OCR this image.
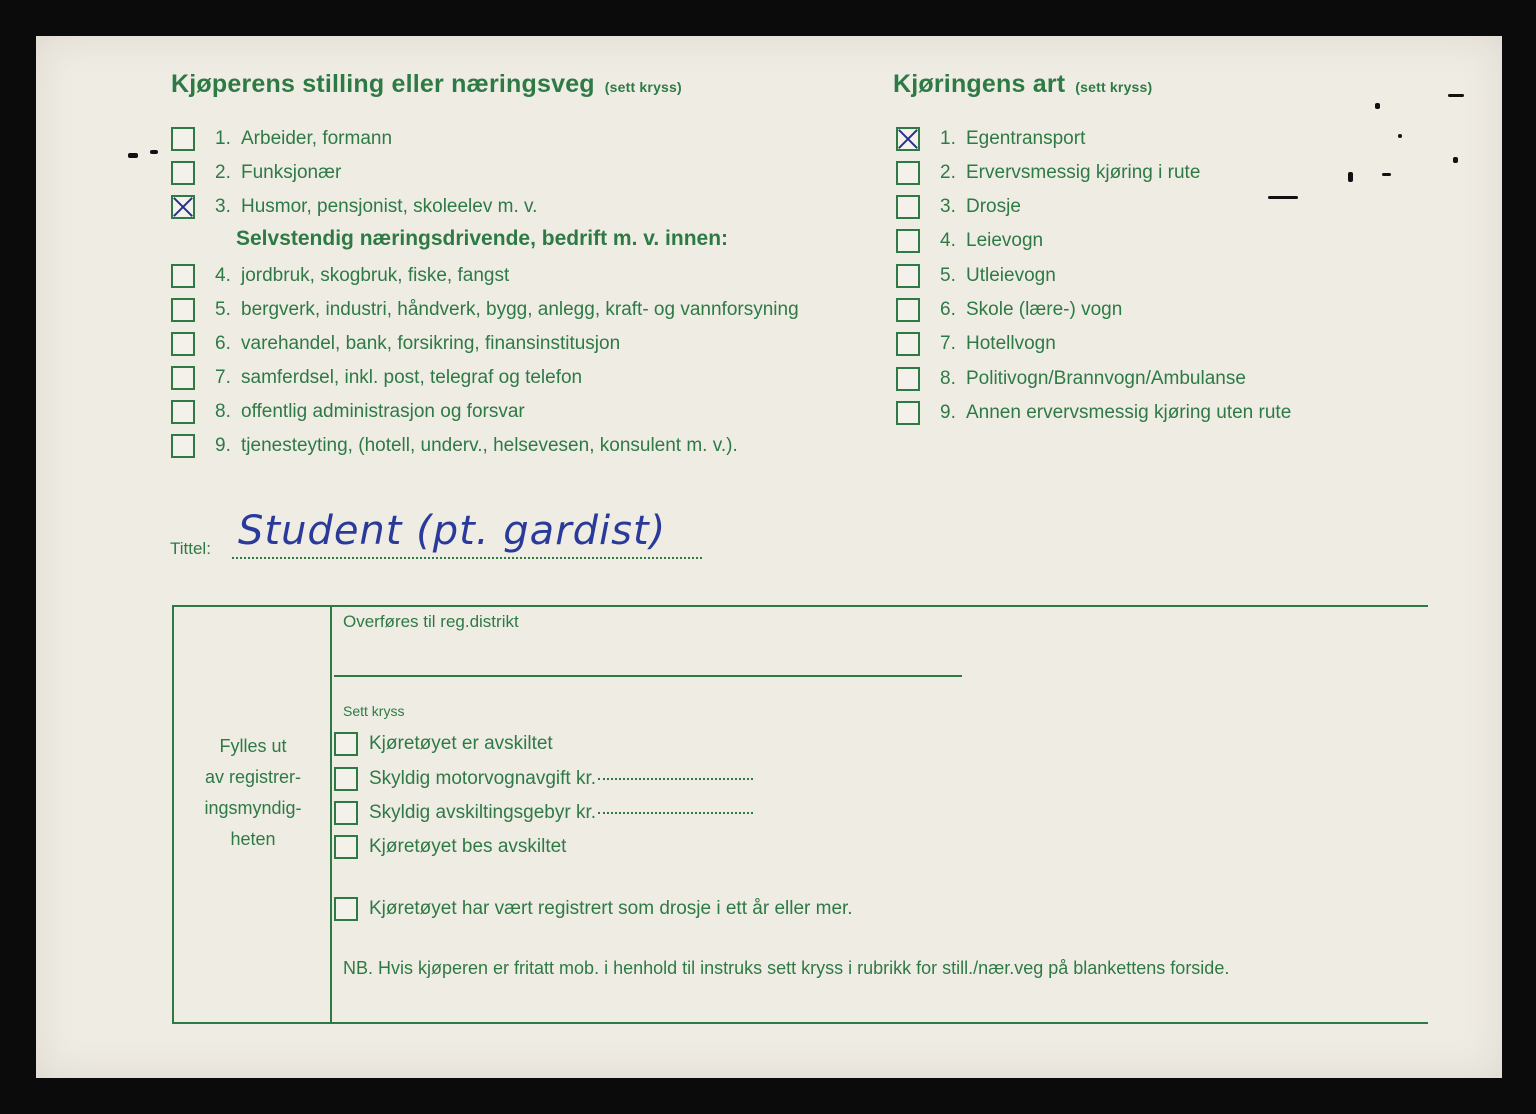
Kjøperens stilling eller næringsveg (sett kryss)
1. Arbeider, formann
2. Funksjonær
3. Husmor, pensjonist, skoleelev m. v.
Selvstendig næringsdrivende, bedrift m. v. innen:
4. jordbruk, skogbruk, fiske, fangst
5. bergverk, industri, håndverk, bygg, anlegg, kraft- og vannforsyning
6. varehandel, bank, forsikring, finansinstitusjon
7. samferdsel, inkl. post, telegraf og telefon
8. offentlig administrasjon og forsvar
9. tjenesteyting, (hotell, underv., helsevesen, konsulent m. v.).
Kjøringens art (sett kryss)
1. Egentransport
2. Ervervsmessig kjøring i rute
3. Drosje
4. Leievogn
5. Utleievogn
6. Skole (lære-) vogn
7. Hotellvogn
8. Politivogn/Brannvogn/Ambulanse
9. Annen ervervsmessig kjøring uten rute
Tittel: Student (pt. gardist)
Fylles ut
av registrer-
ingsmyndig-
heten
Overføres til reg.distrikt
Sett kryss
Kjøretøyet er avskiltet
Skyldig motorvognavgift kr.
Skyldig avskiltingsgebyr kr.
Kjøretøyet bes avskiltet
Kjøretøyet har vært registrert som drosje i ett år eller mer.
NB. Hvis kjøperen er fritatt mob. i henhold til instruks sett kryss i rubrikk for still./nær.veg på blankettens forside.
